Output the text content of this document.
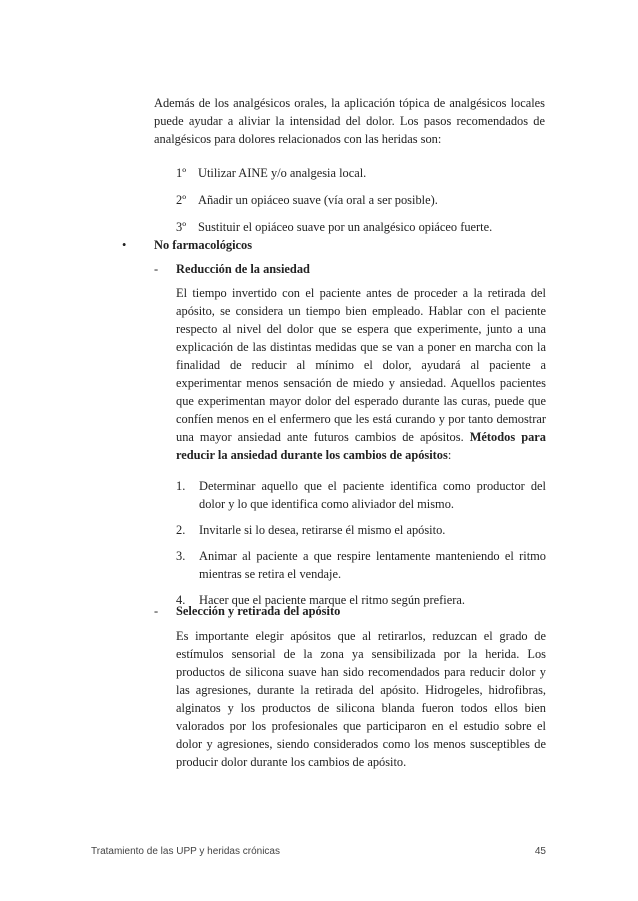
Además de los analgésicos orales, la aplicación tópica de analgésicos locales puede ayudar a aliviar la intensidad del dolor. Los pasos recomendados de analgésicos para dolores relacionados con las heridas son:

1º Utilizar AINE y/o analgesia local.
2º Añadir un opiáceo suave (vía oral a ser posible).
3º Sustituir el opiáceo suave por un analgésico opiáceo fuerte.
•	No farmacológicos
-	Reducción de la ansiedad

El tiempo invertido con el paciente antes de proceder a la retirada del apósito, se considera un tiempo bien empleado. Hablar con el paciente respecto al nivel del dolor que se espera que experimente, junto a una explicación de las distintas medidas que se van a poner en marcha con la finalidad de reducir al mínimo el dolor, ayudará al paciente a experimentar menos sensación de miedo y ansiedad. Aquellos pacientes que experimentan mayor dolor del esperado durante las curas, puede que confíen menos en el enfermero que les está curando y por tanto demostrar una mayor ansiedad ante futuros cambios de apósitos. Métodos para reducir la ansiedad durante los cambios de apósitos:

1.	Determinar aquello que el paciente identifica como productor del dolor y lo que identifica como aliviador del mismo.
2.	Invitarle si lo desea, retirarse él mismo el apósito.
3.	Animar al paciente a que respire lentamente manteniendo el ritmo mientras se retira el vendaje.
4.	Hacer que el paciente marque el ritmo según prefiera.
-	Selección y retirada del apósito

Es importante elegir apósitos que al retirarlos, reduzcan el grado de estímulos sensorial de la zona ya sensibilizada por la herida. Los productos de silicona suave han sido recomendados para reducir dolor y las agresiones, durante la retirada del apósito. Hidrogeles, hidrofibras, alginatos y los productos de silicona blanda fueron todos ellos bien valorados por los profesionales que participaron en el estudio sobre el dolor y agresiones, siendo considerados como los menos susceptibles de producir dolor durante los cambios de apósito.

Tratamiento de las UPP y heridas crónicas	45
